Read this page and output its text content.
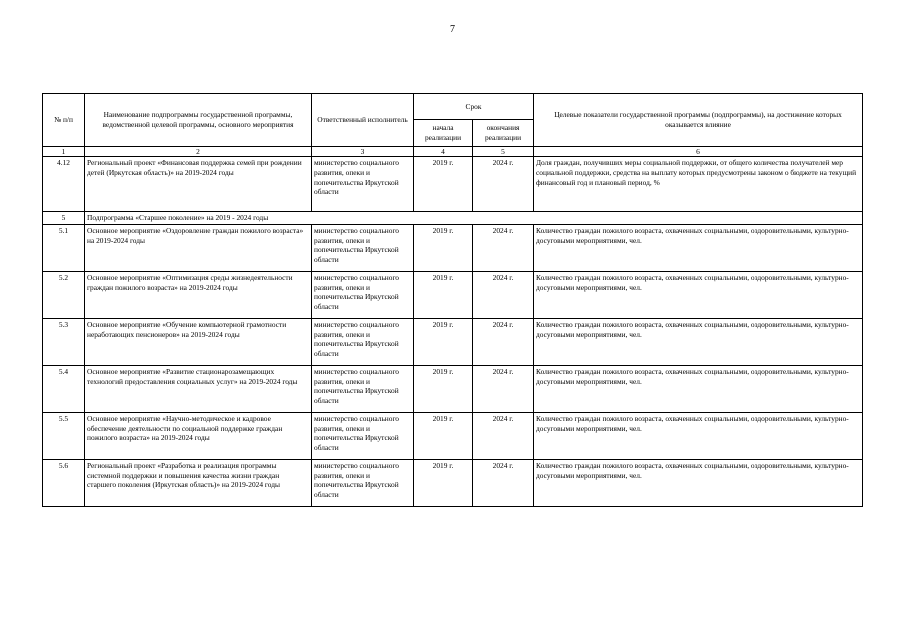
7
№ п/п	Наименование подпрограммы государственной программы, ведомственной целевой программы, основного мероприятия	Ответственный исполнитель	Срок		Целевые показатели государственной программы (подпрограммы), на достижение которых оказывается влияние
			начала реализации	окончания реализации	
1	2	3	4	5	6
4.12	Региональный проект «Финансовая поддержка семей при рождении детей (Иркутская область)» на 2019-2024 годы	министерство социального развития, опеки и попечительства Иркутской области	2019 г.	2024 г.	Доля граждан, получивших меры социальной поддержки, от общего количества получателей мер социальной поддержки, средства на выплату которых предусмотрены законом о бюджете на текущий финансовый год и плановый период, %
5	Подпрограмма «Старшее поколение» на 2019 - 2024 годы				
5.1	Основное мероприятие «Оздоровление граждан пожилого возраста» на 2019-2024 годы	министерство социального развития, опеки и попечительства Иркутской области	2019 г.	2024 г.	Количество граждан пожилого возраста, охваченных социальными, оздоровительными, культурно-досуговыми мероприятиями, чел.
5.2	Основное мероприятие «Оптимизация среды жизнедеятельности граждан пожилого возраста» на 2019-2024 годы	министерство социального развития, опеки и попечительства Иркутской области	2019 г.	2024 г.	Количество граждан пожилого возраста, охваченных социальными, оздоровительными, культурно-досуговыми мероприятиями, чел.
5.3	Основное мероприятие «Обучение компьютерной грамотности неработающих пенсионеров» на 2019-2024 годы	министерство социального развития, опеки и попечительства Иркутской области	2019 г.	2024 г.	Количество граждан пожилого возраста, охваченных социальными, оздоровительными, культурно-досуговыми мероприятиями, чел.
5.4	Основное мероприятие «Развитие стационарозамещающих технологий предоставления социальных услуг» на 2019-2024 годы	министерство социального развития, опеки и попечительства Иркутской области	2019 г.	2024 г.	Количество граждан пожилого возраста, охваченных социальными, оздоровительными, культурно-досуговыми мероприятиями, чел.
5.5	Основное мероприятие «Научно-методическое и кадровое обеспечение деятельности по социальной поддержке граждан пожилого возраста» на 2019-2024 годы	министерство социального развития, опеки и попечительства Иркутской области	2019 г.	2024 г.	Количество граждан пожилого возраста, охваченных социальными, оздоровительными, культурно-досуговыми мероприятиями, чел.
5.6	Региональный проект «Разработка и реализация программы системной поддержки и повышения качества жизни граждан старшего поколения (Иркутская область)» на 2019-2024 годы	министерство социального развития, опеки и попечительства Иркутской области	2019 г.	2024 г.	Количество граждан пожилого возраста, охваченных социальными, оздоровительными, культурно-досуговыми мероприятиями, чел.
